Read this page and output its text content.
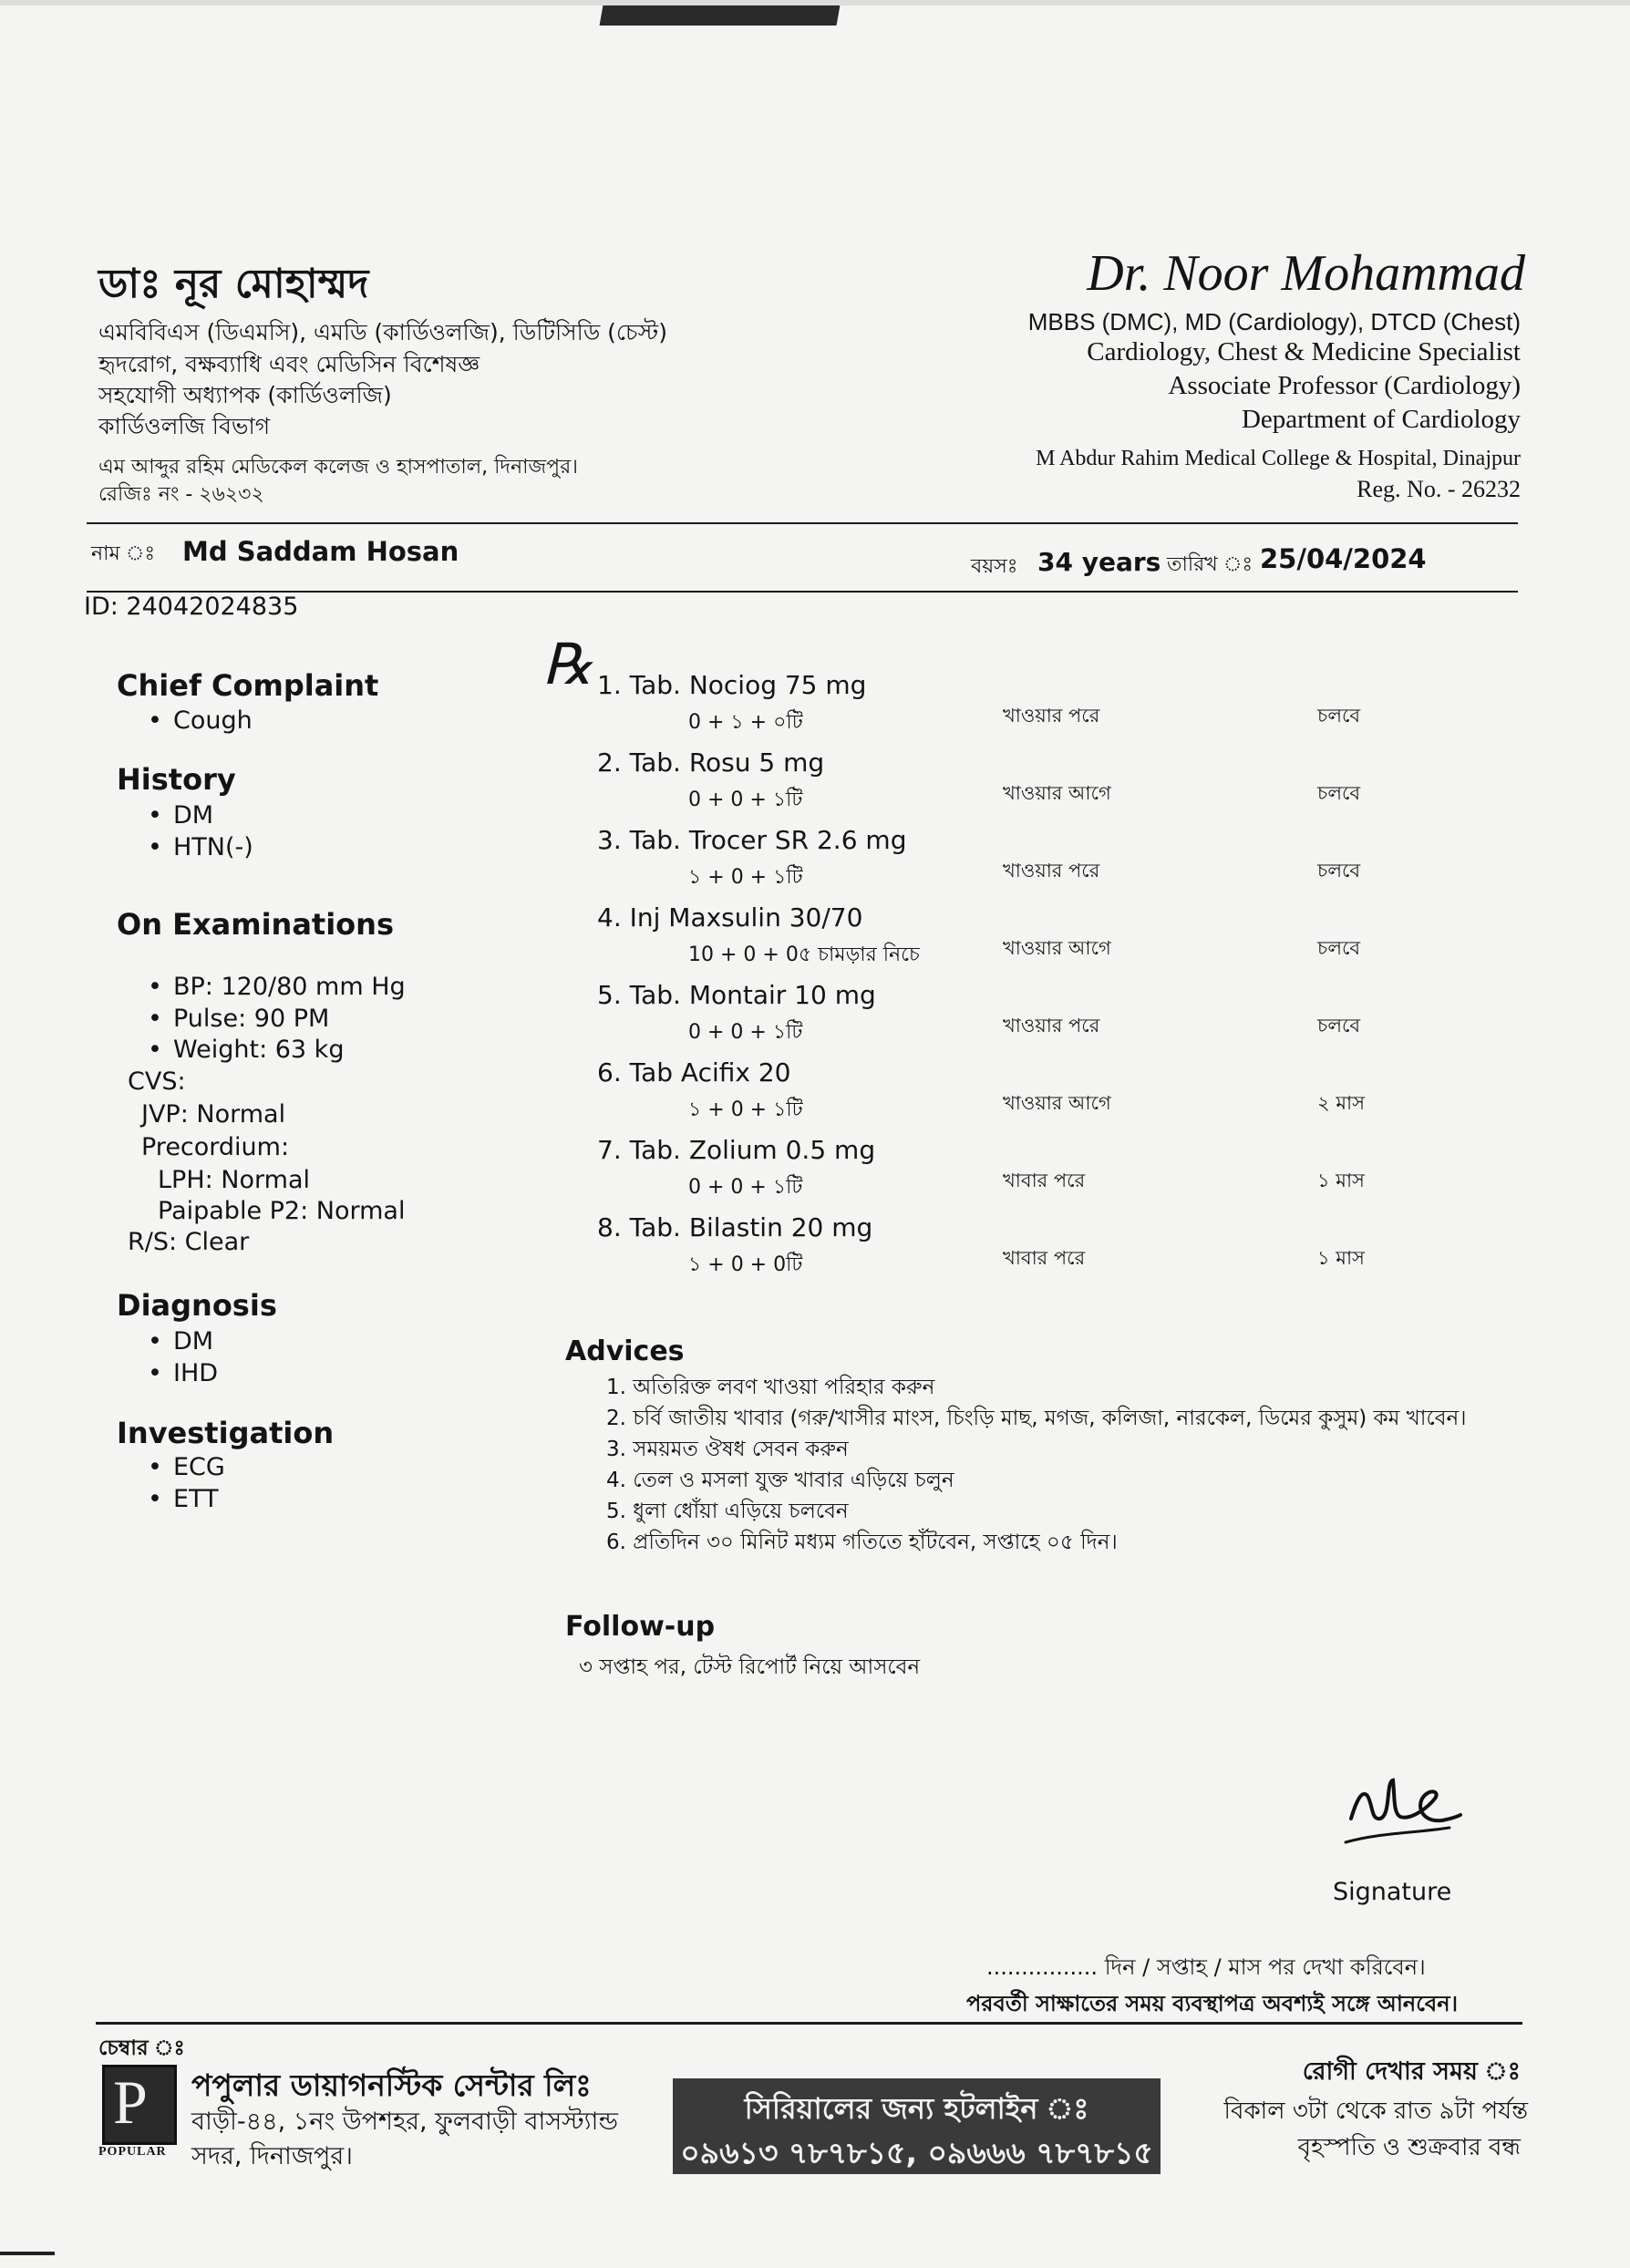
ডাঃ নূর মোহাম্মদ
এমবিবিএস (ডিএমসি), এমডি (কার্ডিওলজি), ডিটিসিডি (চেস্ট)
হৃদরোগ, বক্ষব্যাধি এবং মেডিসিন বিশেষজ্ঞ
সহযোগী অধ্যাপক (কার্ডিওলজি)
কার্ডিওলজি বিভাগ
এম আব্দুর রহিম মেডিকেল কলেজ ও হাসপাতাল, দিনাজপুর।
রেজিঃ নং - ২৬২৩২
Dr. Noor Mohammad
MBBS (DMC), MD (Cardiology), DTCD (Chest)
Cardiology, Chest & Medicine Specialist
Associate Professor (Cardiology)
Department of Cardiology
M Abdur Rahim Medical College & Hospital, Dinajpur
Reg. No. - 26232
নাম ঃ Md Saddam Hosan	বয়সঃ 34 years তারিখ ঃ 25/04/2024
ID: 24042024835
Chief Complaint
• Cough
History
• DM
• HTN(-)
On Examinations
• BP: 120/80 mm Hg
• Pulse: 90 PM
• Weight: 63 kg
CVS:
JVP: Normal
Precordium:
LPH: Normal
Paipable P2: Normal
R/S: Clear
Diagnosis
• DM
• IHD
Investigation
• ECG
• ETT
℞ 1. Tab. Nociog 75 mg
0 + ১ + ০টি	খাওয়ার পরে	চলবে
2. Tab. Rosu 5 mg
0 + 0 + ১টি	খাওয়ার আগে	চলবে
3. Tab. Trocer SR 2.6 mg
১ + 0 + ১টি	খাওয়ার পরে	চলবে
4. Inj Maxsulin 30/70
10 + 0 + 0৫ চামড়ার নিচে	খাওয়ার আগে	চলবে
5. Tab. Montair 10 mg
0 + 0 + ১টি	খাওয়ার পরে	চলবে
6. Tab Acifix 20
১ + 0 + ১টি	খাওয়ার আগে	২ মাস
7. Tab. Zolium 0.5 mg
0 + 0 + ১টি	খাবার পরে	১ মাস
8. Tab. Bilastin 20 mg
১ + 0 + 0টি	খাবার পরে	১ মাস
Advices
1. অতিরিক্ত লবণ খাওয়া পরিহার করুন
2. চর্বি জাতীয় খাবার (গরু/খাসীর মাংস, চিংড়ি মাছ, মগজ, কলিজা, নারকেল, ডিমের কুসুম) কম খাবেন।
3. সময়মত ঔষধ সেবন করুন
4. তেল ও মসলা যুক্ত খাবার এড়িয়ে চলুন
5. ধুলা ধোঁয়া এড়িয়ে চলবেন
6. প্রতিদিন ৩০ মিনিট মধ্যম গতিতে হাঁটবেন, সপ্তাহে ০৫ দিন।
Follow-up
৩ সপ্তাহ পর, টেস্ট রিপোর্ট নিয়ে আসবেন
Signature
................ দিন / সপ্তাহ / মাস পর দেখা করিবেন।
পরবর্তী সাক্ষাতের সময় ব্যবস্থাপত্র অবশ্যই সঙ্গে আনবেন।
চেম্বার ঃ
P
POPULAR
পপুলার ডায়াগনস্টিক সেন্টার লিঃ
বাড়ী-৪৪, ১নং উপশহর, ফুলবাড়ী বাসস্ট্যান্ড
সদর, দিনাজপুর।
সিরিয়ালের জন্য হটলাইন ঃ
০৯৬১৩ ৭৮৭৮১৫, ০৯৬৬৬ ৭৮৭৮১৫
রোগী দেখার সময় ঃ
বিকাল ৩টা থেকে রাত ৯টা পর্যন্ত
বৃহস্পতি ও শুক্রবার বন্ধ
